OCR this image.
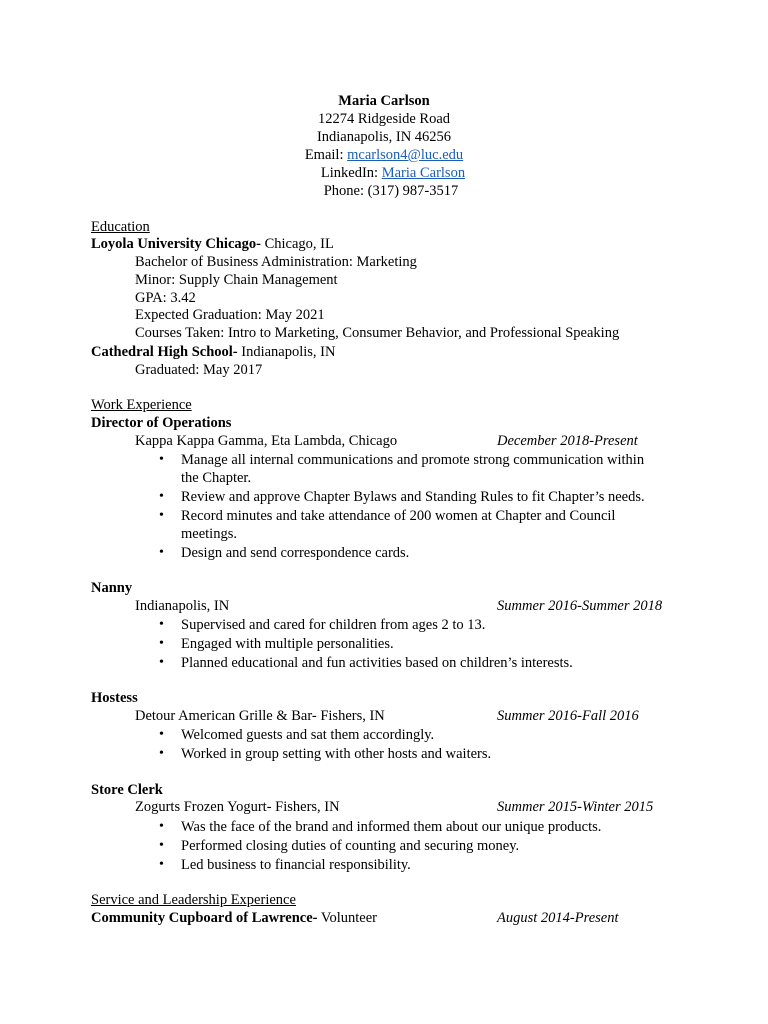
Maria Carlson
12274 Ridgeside Road
Indianapolis, IN 46256
Email: mcarlson4@luc.edu
LinkedIn: Maria Carlson
Phone: (317) 987-3517
Education
Loyola University Chicago- Chicago, IL
Bachelor of Business Administration: Marketing
Minor: Supply Chain Management
GPA: 3.42
Expected Graduation: May 2021
Courses Taken: Intro to Marketing, Consumer Behavior, and Professional Speaking
Cathedral High School- Indianapolis, IN
Graduated: May 2017
Work Experience
Director of Operations
Kappa Kappa Gamma, Eta Lambda, Chicago	December 2018-Present
• Manage all internal communications and promote strong communication within the Chapter.
• Review and approve Chapter Bylaws and Standing Rules to fit Chapter’s needs.
• Record minutes and take attendance of 200 women at Chapter and Council meetings.
• Design and send correspondence cards.
Nanny
Indianapolis, IN	Summer 2016-Summer 2018
• Supervised and cared for children from ages 2 to 13.
• Engaged with multiple personalities.
• Planned educational and fun activities based on children’s interests.
Hostess
Detour American Grille & Bar- Fishers, IN	Summer 2016-Fall 2016
• Welcomed guests and sat them accordingly.
• Worked in group setting with other hosts and waiters.
Store Clerk
Zogurts Frozen Yogurt- Fishers, IN	Summer 2015-Winter 2015
• Was the face of the brand and informed them about our unique products.
• Performed closing duties of counting and securing money.
• Led business to financial responsibility.
Service and Leadership Experience
Community Cupboard of Lawrence- Volunteer	August 2014-Present
